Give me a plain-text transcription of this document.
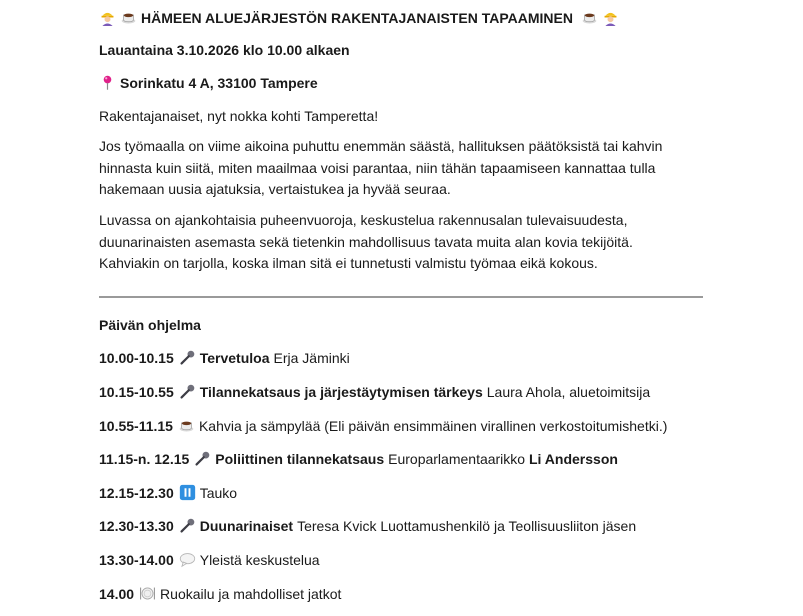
HÄMEEN ALUEJÄRJESTÖN RAKENTAJANAISTEN TAPAAMINEN
Lauantaina 3.10.2026 klo 10.00 alkaen
Sorinkatu 4 A, 33100 Tampere
Rakentajanaiset, nyt nokka kohti Tamperetta!
Jos työmaalla on viime aikoina puhuttu enemmän säästä, hallituksen päätöksistä tai kahvin
hinnasta kuin siitä, miten maailmaa voisi parantaa, niin tähän tapaamiseen kannattaa tulla
hakemaan uusia ajatuksia, vertaistukea ja hyvää seuraa.
Luvassa on ajankohtaisia puheenvuoroja, keskustelua rakennusalan tulevaisuudesta,
duunarinaisten asemasta sekä tietenkin mahdollisuus tavata muita alan kovia tekijöitä.
Kahviakin on tarjolla, koska ilman sitä ei tunnetusti valmistu työmaa eikä kokous.
Päivän ohjelma
10.00-10.15 Tervetuloa Erja Jäminki
10.15-10.55 Tilannekatsaus ja järjestäytymisen tärkeys Laura Ahola, aluetoimitsija
10.55-11.15 Kahvia ja sämpylää (Eli päivän ensimmäinen virallinen verkostoitumishetki.)
11.15-n. 12.15 Poliittinen tilannekatsaus Europarlamentaarikko Li Andersson
12.15-12.30 Tauko
12.30-13.30 Duunarinaiset Teresa Kvick Luottamushenkilö ja Teollisuusliiton jäsen
13.30-14.00 Yleistä keskustelua
14.00 Ruokailu ja mahdolliset jatkot
